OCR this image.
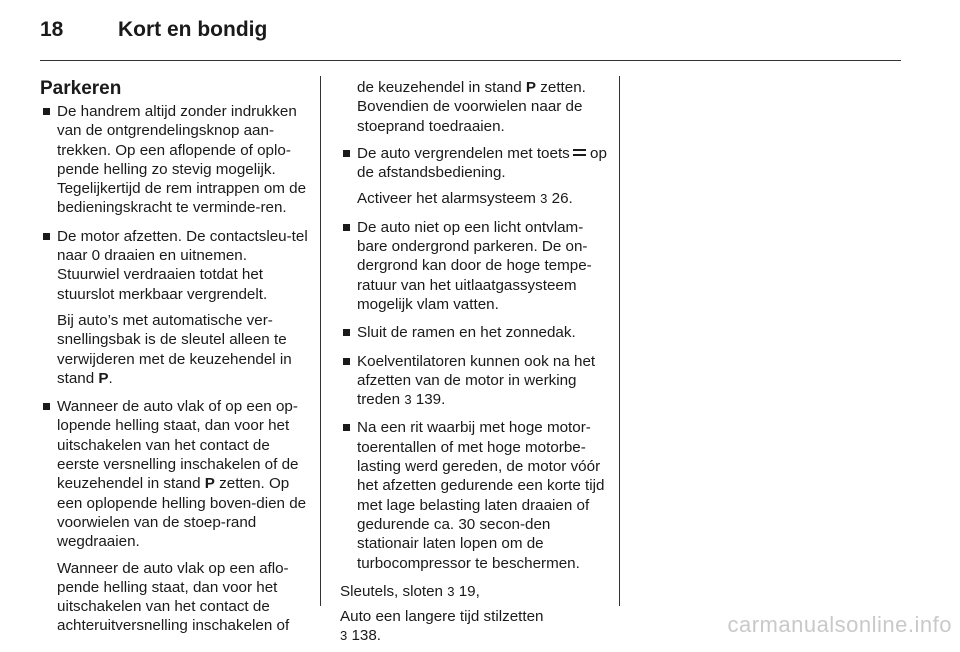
18	Kort en bondig
Parkeren
De handrem altijd zonder indrukken van de ontgrendelingsknop aan-trekken. Op een aflopende of oplo-pende helling zo stevig mogelijk. Tegelijkertijd de rem intrappen om de bedieningskracht te verminde-ren.
De motor afzetten. De contactsleu-tel naar 0 draaien en uitnemen. Stuurwiel verdraaien totdat het stuurslot merkbaar vergrendelt.
Bij auto’s met automatische ver-snellingsbak is de sleutel alleen te verwijderen met de keuzehendel in stand P.
Wanneer de auto vlak of op een op-lopende helling staat, dan voor het uitschakelen van het contact de eerste versnelling inschakelen of de keuzehendel in stand P zetten. Op een oplopende helling boven-dien de voorwielen van de stoep-rand wegdraaien.
Wanneer de auto vlak op een aflo-pende helling staat, dan voor het uitschakelen van het contact de achteruitversnelling inschakelen of
de keuzehendel in stand P zetten. Bovendien de voorwielen naar de stoeprand toedraaien.
De auto vergrendelen met toets op de afstandsbediening.
Activeer het alarmsysteem 3 26.
De auto niet op een licht ontvlam-bare ondergrond parkeren. De on-dergrond kan door de hoge tempe-ratuur van het uitlaatgassysteem mogelijk vlam vatten.
Sluit de ramen en het zonnedak.
Koelventilatoren kunnen ook na het afzetten van de motor in werking treden 3 139.
Na een rit waarbij met hoge motor-toerentallen of met hoge motorbe-lasting werd gereden, de motor vóór het afzetten gedurende een korte tijd met lage belasting laten draaien of gedurende ca. 30 secon-den stationair laten lopen om de turbocompressor te beschermen.

Sleutels, sloten 3 19,

Auto een langere tijd stilzetten
3 138.	carmanualsonline.info
